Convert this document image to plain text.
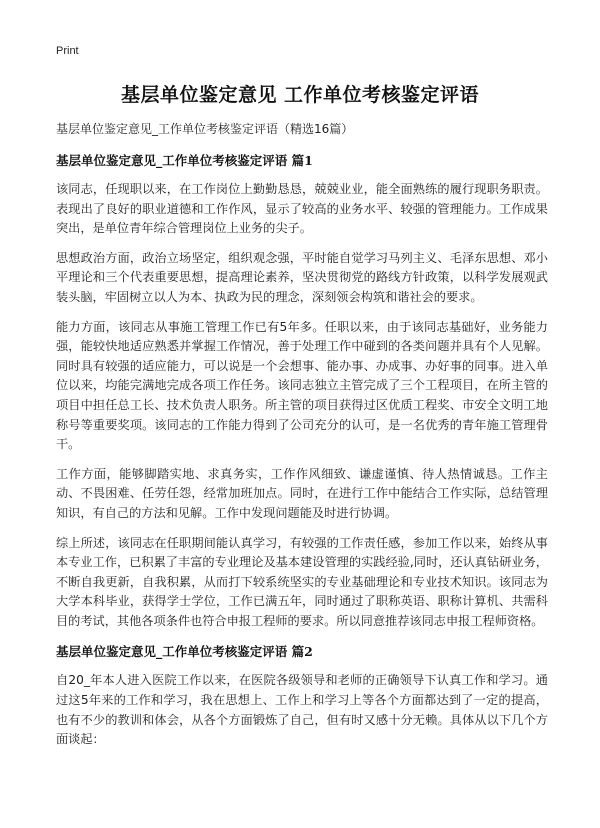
Print
基层单位鉴定意见 工作单位考核鉴定评语
基层单位鉴定意见_工作单位考核鉴定评语（精选16篇）
基层单位鉴定意见_工作单位考核鉴定评语 篇1

该同志，任现职以来，在工作岗位上勤勤恳恳，兢兢业业，能全面熟练的履行现职务职责。表现出了良好的职业道德和工作作风，显示了较高的业务水平、较强的管理能力。工作成果突出，是单位青年综合管理岗位上业务的尖子。

思想政治方面，政治立场坚定，组织观念强，平时能自觉学习马列主义、毛泽东思想、邓小平理论和三个代表重要思想，提高理论素养，坚决贯彻党的路线方针政策，以科学发展观武装头脑，牢固树立以人为本、执政为民的理念，深刻领会构筑和谐社会的要求。

能力方面，该同志从事施工管理工作已有5年多。任职以来，由于该同志基础好，业务能力强，能较快地适应熟悉并掌握工作情况，善于处理工作中碰到的各类问题并具有个人见解。同时具有较强的适应能力，可以说是一个会想事、能办事、办成事、办好事的同事。进入单位以来，均能完满地完成各项工作任务。该同志独立主管完成了三个工程项目，在所主管的项目中担任总工长、技术负责人职务。所主管的项目获得过区优质工程奖、市安全文明工地称号等重要奖项。该同志的工作能力得到了公司充分的认可，是一名优秀的青年施工管理骨干。

工作方面，能够脚踏实地、求真务实，工作作风细致、谦虚谨慎、待人热情诚恳。工作主动、不畏困难、任劳任怨，经常加班加点。同时，在进行工作中能结合工作实际，总结管理知识，有自己的方法和见解。工作中发现问题能及时进行协调。

综上所述，该同志在任职期间能认真学习，有较强的工作责任感，参加工作以来，始终从事本专业工作，已积累了丰富的专业理论及基本建设管理的实践经验,同时，还认真钻研业务，不断自我更新，自我积累，从而打下较系统坚实的专业基础理论和专业技术知识。该同志为大学本科毕业，获得学士学位，工作已满五年，同时通过了职称英语、职称计算机、共需科目的考试，其他各项条件也符合申报工程师的要求。所以同意推荐该同志申报工程师资格。

基层单位鉴定意见_工作单位考核鉴定评语 篇2

自20_年本人进入医院工作以来，在医院各级领导和老师的正确领导下认真工作和学习。通过这5年来的工作和学习，我在思想上、工作上和学习上等各个方面都达到了一定的提高，也有不少的教训和体会，从各个方面锻炼了自己，但有时又感十分无赖。具体从以下几个方面谈起：
